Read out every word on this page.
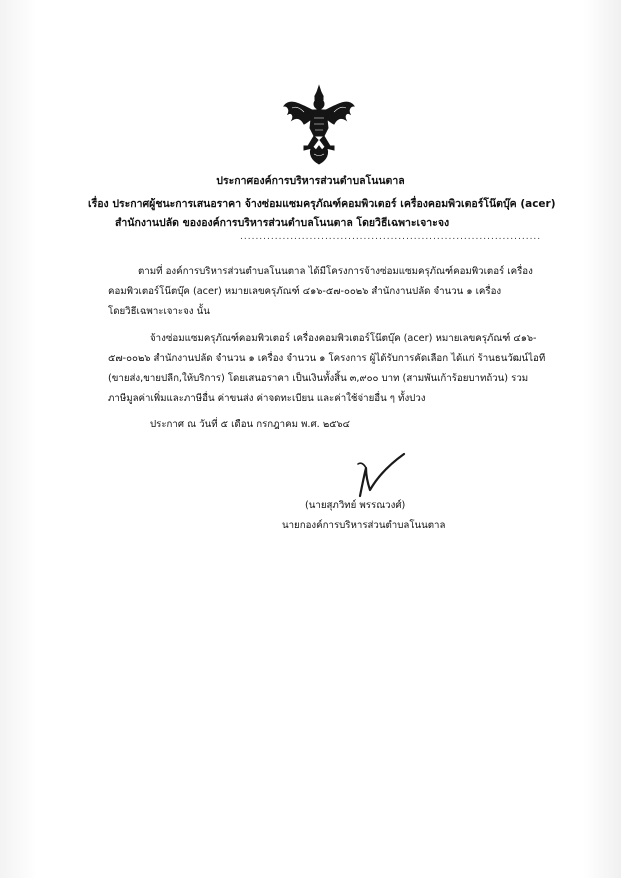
ประกาศองค์การบริหารส่วนตำบลโนนตาล
เรื่อง ประกาศผู้ชนะการเสนอราคา จ้างซ่อมแซมครุภัณฑ์คอมพิวเตอร์ เครื่องคอมพิวเตอร์โน๊ตบุ๊ค (acer)
สำนักงานปลัด ขององค์การบริหารส่วนตำบลโนนตาล โดยวิธีเฉพาะเจาะจง
..............................................................................
ตามที่ องค์การบริหารส่วนตำบลโนนตาล ได้มีโครงการจ้างซ่อมแซมครุภัณฑ์คอมพิวเตอร์ เครื่อง
คอมพิวเตอร์โน๊ตบุ๊ค (acer) หมายเลขครุภัณฑ์ ๔๑๖-๕๗-๐๐๒๖ สำนักงานปลัด จำนวน ๑ เครื่อง
โดยวิธีเฉพาะเจาะจง นั้น
จ้างซ่อมแซมครุภัณฑ์คอมพิวเตอร์ เครื่องคอมพิวเตอร์โน๊ตบุ๊ค (acer) หมายเลขครุภัณฑ์ ๔๑๖-
๕๗-๐๐๒๖ สำนักงานปลัด จำนวน ๑ เครื่อง จำนวน ๑ โครงการ ผู้ได้รับการคัดเลือก ได้แก่ ร้านธนวัฒน์ไอที
(ขายส่ง,ขายปลีก,ให้บริการ) โดยเสนอราคา เป็นเงินทั้งสิ้น ๓,๙๐๐ บาท (สามพันเก้าร้อยบาทถ้วน) รวม
ภาษีมูลค่าเพิ่มและภาษีอื่น ค่าขนส่ง ค่าจดทะเบียน และค่าใช้จ่ายอื่น ๆ ทั้งปวง
ประกาศ ณ วันที่ ๕ เดือน กรกฎาคม พ.ศ. ๒๕๖๔
(นายสุภวิทย์ พรรณวงศ์)
นายกองค์การบริหารส่วนตำบลโนนตาล
